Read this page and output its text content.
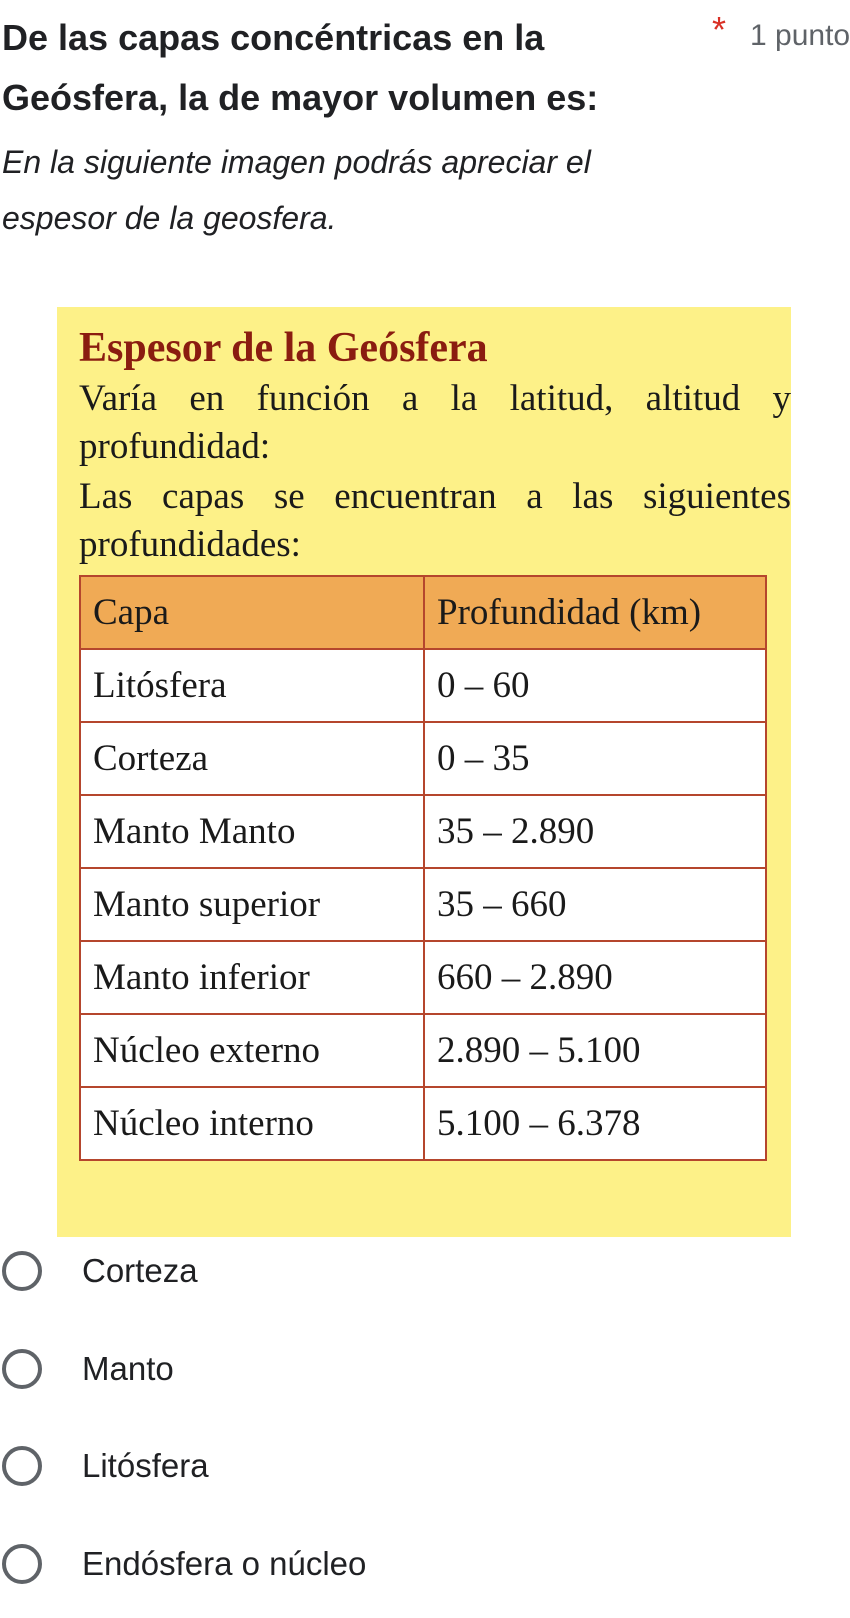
De las capas concéntricas en la Geósfera, la de mayor volumen es:
* 1 punto
En la siguiente imagen podrás apreciar el espesor de la geosfera.
Espesor de la Geósfera
Varía en función a la latitud, altitud y profundidad:
Las capas se encuentran a las siguientes profundidades:
Capa	Profundidad (km)
Litósfera	0 – 60
Corteza	0 – 35
Manto Manto	35 – 2.890
Manto superior	35 – 660
Manto inferior	660 – 2.890
Núcleo externo	2.890 – 5.100
Núcleo interno	5.100 – 6.378
Corteza
Manto
Litósfera
Endósfera o núcleo
